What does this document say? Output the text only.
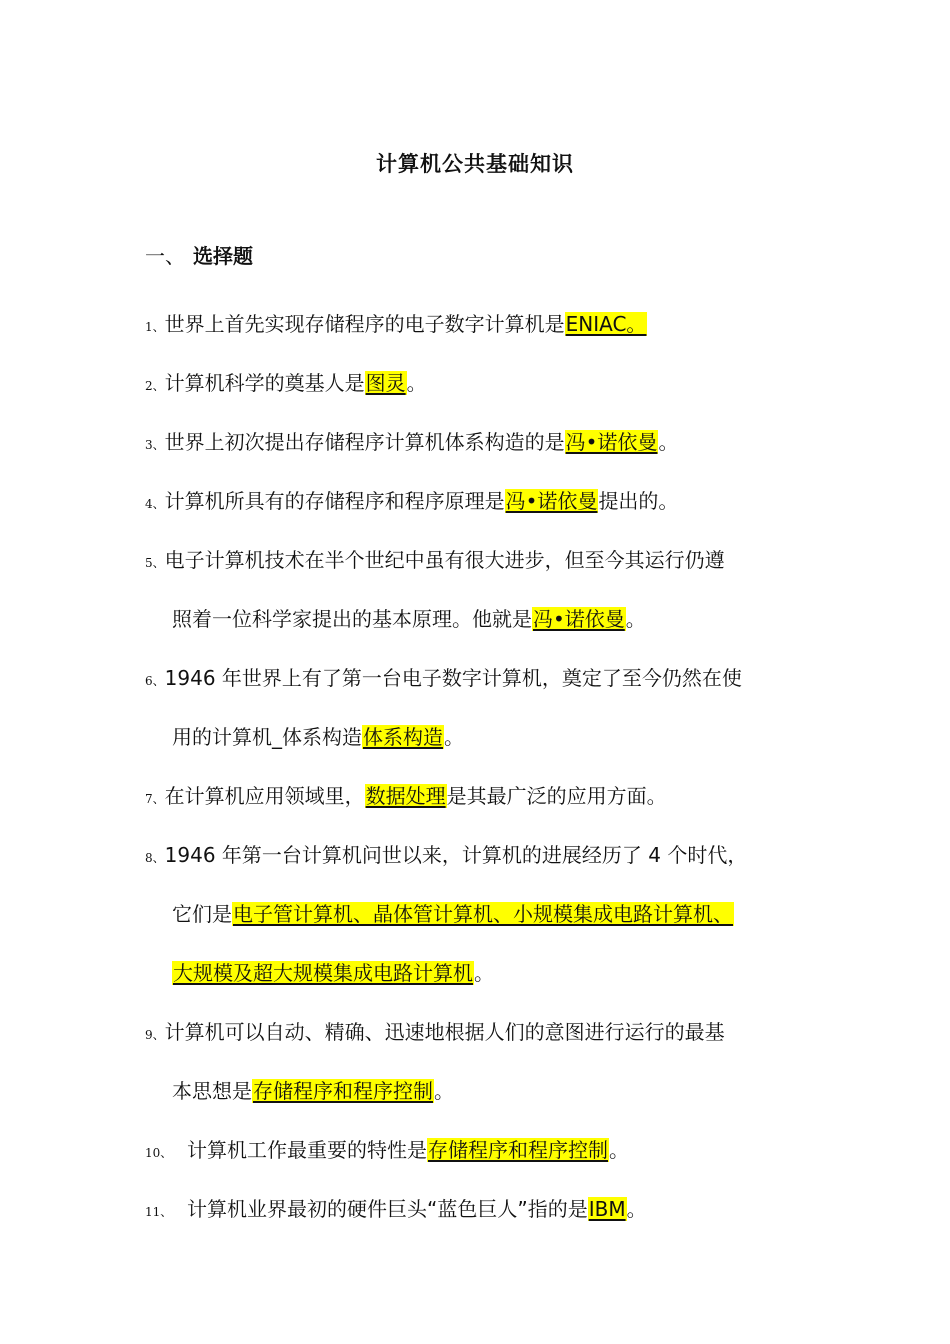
计算机公共基础知识
一、 选择题
1、世界上首先实现存储程序的电子数字计算机是ENIAC。
2、计算机科学的奠基人是图灵。
3、世界上初次提出存储程序计算机体系构造的是冯•诺依曼。
4、计算机所具有的存储程序和程序原理是冯•诺依曼提出的。
5、电子计算机技术在半个世纪中虽有很大进步，但至今其运行仍遵
照着一位科学家提出的基本原理。他就是冯•诺依曼。
6、1946 年世界上有了第一台电子数字计算机，奠定了至今仍然在使
用的计算机_体系构造体系构造。
7、在计算机应用领域里，数据处理是其最广泛的应用方面。
8、1946 年第一台计算机问世以来，计算机的进展经历了 4 个时代，
它们是电子管计算机、晶体管计算机、小规模集成电路计算机、
大规模及超大规模集成电路计算机。
9、计算机可以自动、精确、迅速地根据人们的意图进行运行的最基
本思想是存储程序和程序控制。
10、 计算机工作最重要的特性是存储程序和程序控制。
11、 计算机业界最初的硬件巨头“蓝色巨人”指的是IBM。
